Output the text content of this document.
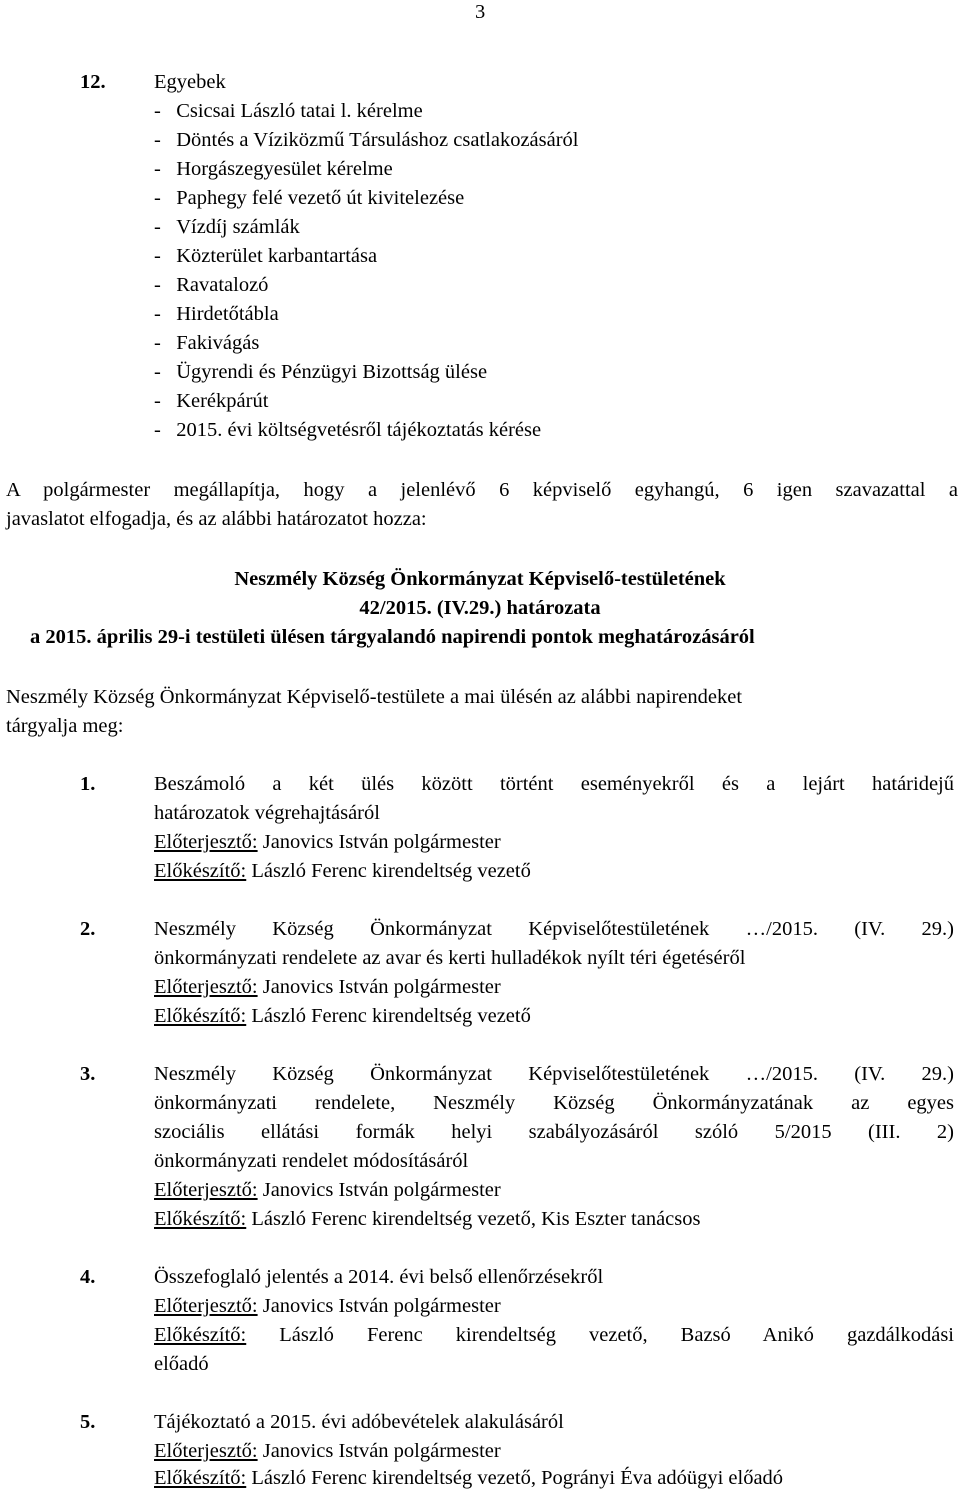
3
12. Egyebek
-   Csicsai László tatai l. kérelme
-   Döntés a Víziközmű Társuláshoz csatlakozásáról
-   Horgászegyesület kérelme
-   Paphegy felé vezető út kivitelezése
-   Vízdíj számlák
-   Közterület karbantartása
-   Ravatalozó
-   Hirdetőtábla
-   Fakivágás
-   Ügyrendi és Pénzügyi Bizottság ülése
-   Kerékpárút
-   2015. évi költségvetésről tájékoztatás kérése
A polgármester megállapítja, hogy a jelenlévő 6 képviselő egyhangú, 6 igen szavazattal a
javaslatot elfogadja, és az alábbi határozatot hozza:
Neszmély Község Önkormányzat Képviselő-testületének
42/2015. (IV.29.) határozata
a 2015. április 29-i testületi ülésen tárgyalandó napirendi pontok meghatározásáról
Neszmély Község Önkormányzat Képviselő-testülete a mai ülésén az alábbi napirendeket
tárgyalja meg:
1.	Beszámoló a két ülés között történt eseményekről és a lejárt határidejű
határozatok végrehajtásáról
Előterjesztő: Janovics István polgármester
Előkészítő: László Ferenc kirendeltség vezető
2.	Neszmély Község Önkormányzat Képviselőtestületének …/2015. (IV. 29.)
önkormányzati rendelete az avar és kerti hulladékok nyílt téri égetéséről
Előterjesztő: Janovics István polgármester
Előkészítő: László Ferenc kirendeltség vezető
3.	Neszmély Község Önkormányzat Képviselőtestületének …/2015. (IV. 29.)
önkormányzati rendelete, Neszmély Község Önkormányzatának az egyes
szociális ellátási formák helyi szabályozásáról szóló 5/2015 (III. 2)
önkormányzati rendelet módosításáról
Előterjesztő: Janovics István polgármester
Előkészítő: László Ferenc kirendeltség vezető, Kis Eszter tanácsos
4.	Összefoglaló jelentés a 2014. évi belső ellenőrzésekről
Előterjesztő: Janovics István polgármester
Előkészítő: László Ferenc kirendeltség vezető, Bazsó Anikó gazdálkodási
előadó
5.	Tájékoztató a 2015. évi adóbevételek alakulásáról
Előterjesztő: Janovics István polgármester
Előkészítő: László Ferenc kirendeltség vezető, Pogrányi Éva adóügyi előadó
